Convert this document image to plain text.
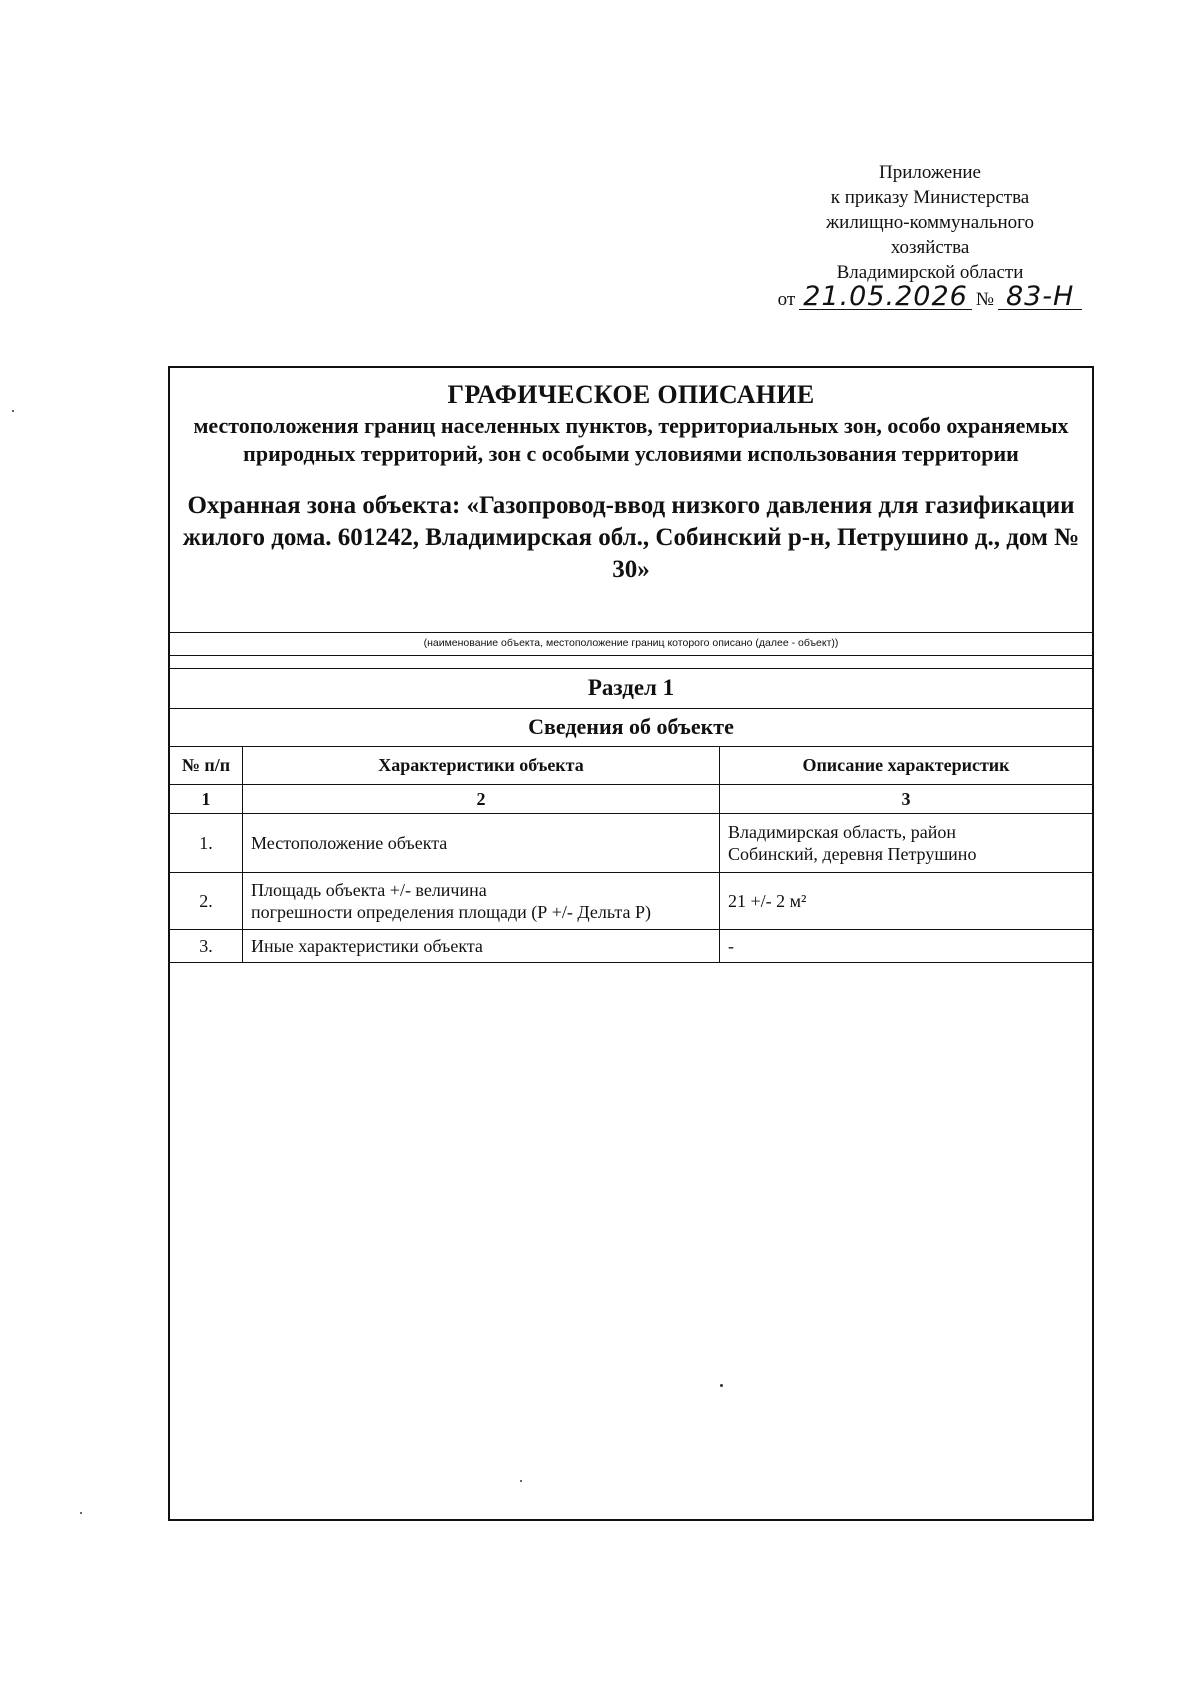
Приложение
к приказу Министерства
жилищно-коммунального
хозяйства
Владимирской области
от 21.05.2026 № 83-Н
ГРАФИЧЕСКОЕ ОПИСАНИЕ
местоположения границ населенных пунктов, территориальных зон, особо охраняемых природных территорий, зон с особыми условиями использования территории
Охранная зона объекта: «Газопровод-ввод низкого давления для газификации жилого дома. 601242, Владимирская обл., Собинский р-н, Петрушино д., дом № 30»
(наименование объекта, местоположение границ которого описано (далее - объект))
Раздел 1
Сведения об объекте
№ п/п	Характеристики объекта	Описание характеристик
1	2	3
1.	Местоположение объекта	Владимирская область, район
Собинский, деревня Петрушино
2.	Площадь объекта +/- величина
погрешности определения площади (Р +/- Дельта Р)	21 +/- 2 м²
3.	Иные характеристики объекта	-
